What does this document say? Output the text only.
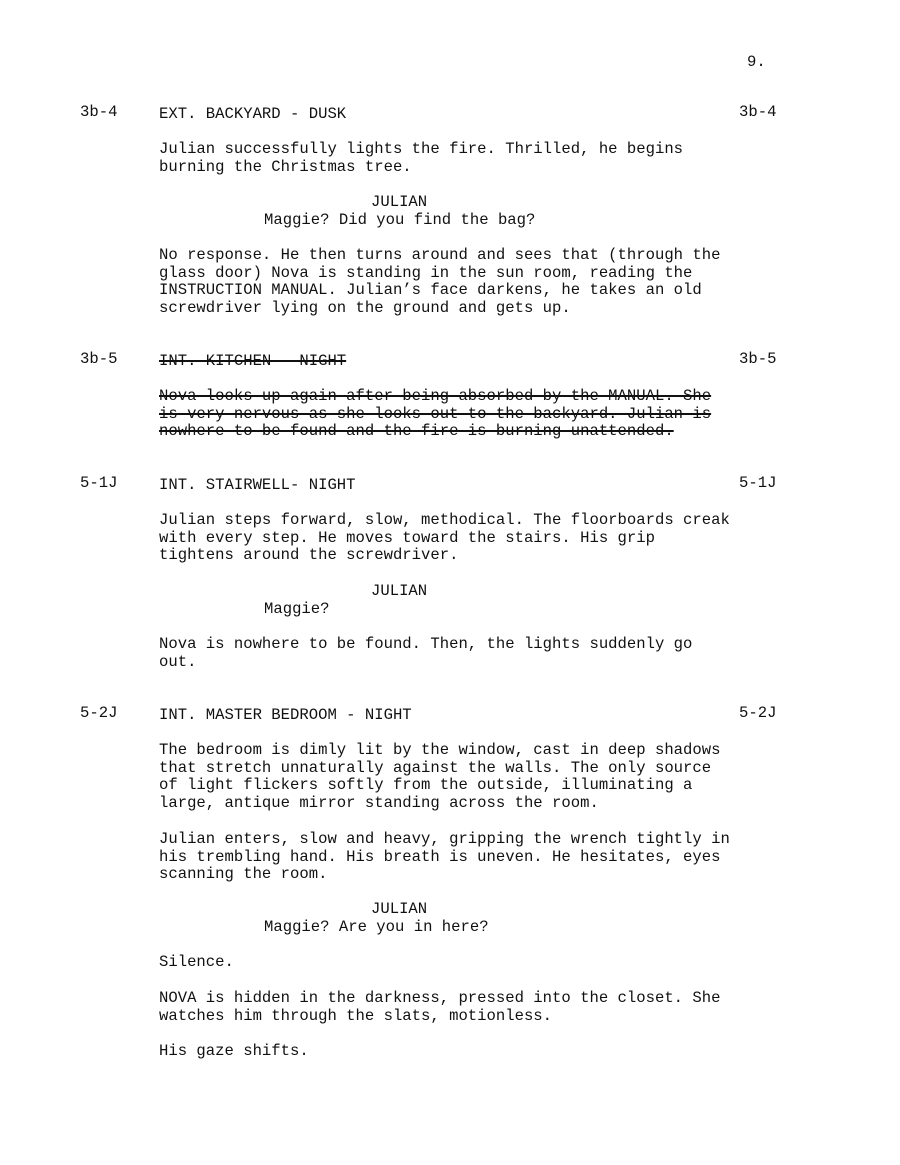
9.
3b-4	EXT. BACKYARD - DUSK	3b-4
Julian successfully lights the fire. Thrilled, he begins
burning the Christmas tree.
JULIAN
Maggie? Did you find the bag?
No response. He then turns around and sees that (through the
glass door) Nova is standing in the sun room, reading the
INSTRUCTION MANUAL. Julian’s face darkens, he takes an old
screwdriver lying on the ground and gets up.
3b-5	INT. KITCHEN - NIGHT	3b-5
Nova looks up again after being absorbed by the MANUAL. She
is very nervous as she looks out to the backyard. Julian is
nowhere to be found and the fire is burning unattended.
5-1J	INT. STAIRWELL- NIGHT	5-1J
Julian steps forward, slow, methodical. The floorboards creak
with every step. He moves toward the stairs. His grip
tightens around the screwdriver.
JULIAN
Maggie?
Nova is nowhere to be found. Then, the lights suddenly go
out.
5-2J	INT. MASTER BEDROOM - NIGHT	5-2J
The bedroom is dimly lit by the window, cast in deep shadows
that stretch unnaturally against the walls. The only source
of light flickers softly from the outside, illuminating a
large, antique mirror standing across the room.
Julian enters, slow and heavy, gripping the wrench tightly in
his trembling hand. His breath is uneven. He hesitates, eyes
scanning the room.
JULIAN
Maggie? Are you in here?
Silence.
NOVA is hidden in the darkness, pressed into the closet. She
watches him through the slats, motionless.
His gaze shifts.
